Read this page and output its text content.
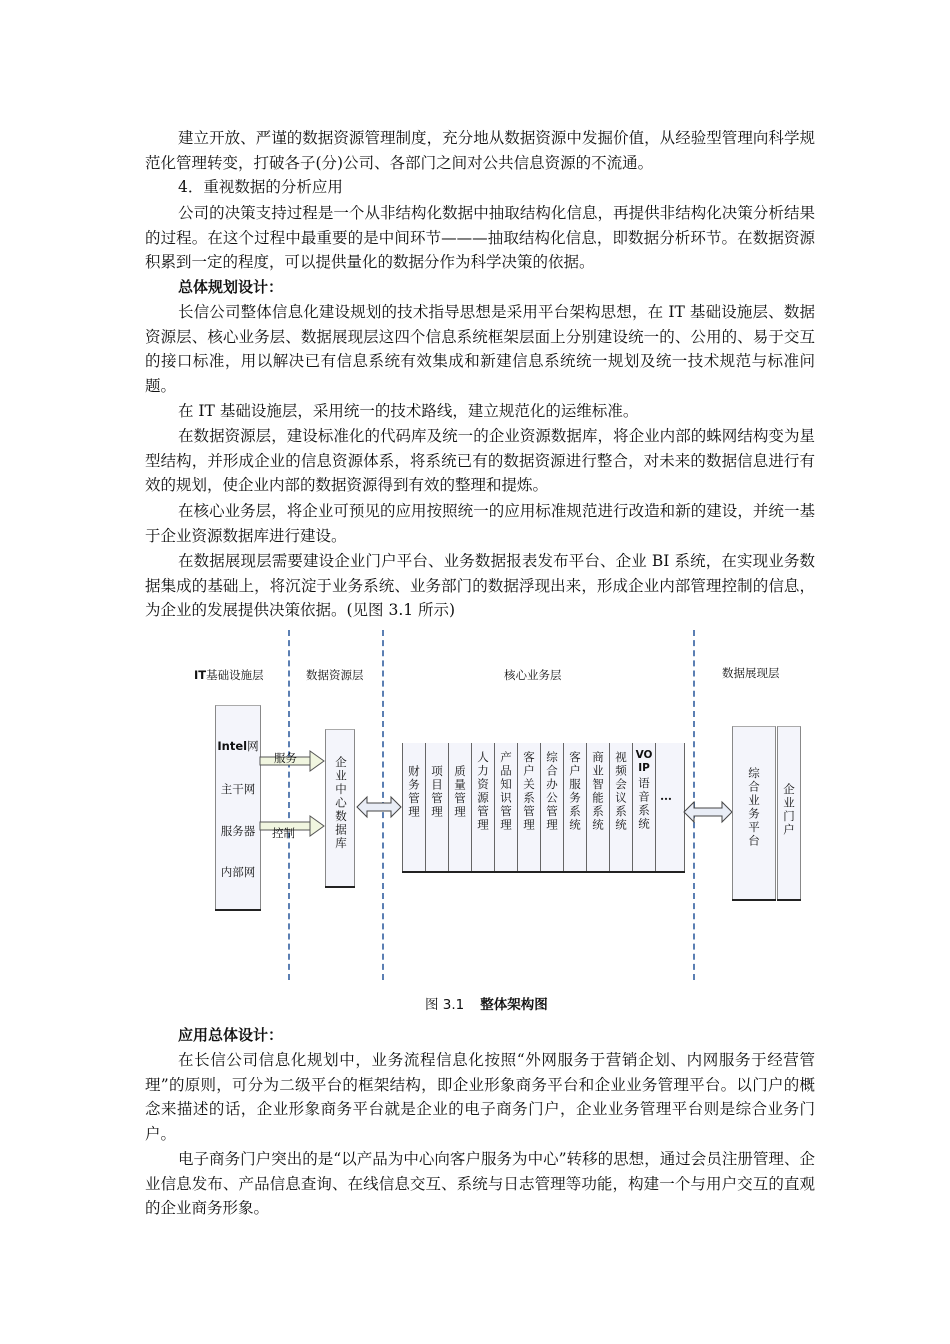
建立开放、严谨的数据资源管理制度，充分地从数据资源中发掘价值，从经验型管理向科学规范化管理转变，打破各子(分)公司、各部门之间对公共信息资源的不流通。

4．重视数据的分析应用

公司的决策支持过程是一个从非结构化数据中抽取结构化信息，再提供非结构化决策分析结果的过程。在这个过程中最重要的是中间环节———抽取结构化信息，即数据分析环节。在数据资源积累到一定的程度，可以提供量化的数据分作为科学决策的依据。

总体规划设计：

长信公司整体信息化建设规划的技术指导思想是采用平台架构思想，在 IT 基础设施层、数据资源层、核心业务层、数据展现层这四个信息系统框架层面上分别建设统一的、公用的、易于交互的接口标准，用以解决已有信息系统有效集成和新建信息系统统一规划及统一技术规范与标准问题。

在 IT 基础设施层，采用统一的技术路线，建立规范化的运维标准。

在数据资源层，建设标准化的代码库及统一的企业资源数据库，将企业内部的蛛网结构变为星型结构，并形成企业的信息资源体系，将系统已有的数据资源进行整合，对未来的数据信息进行有效的规划，使企业内部的数据资源得到有效的整理和提炼。

在核心业务层，将企业可预见的应用按照统一的应用标准规范进行改造和新的建设，并统一基于企业资源数据库进行建设。

在数据展现层需要建设企业门户平台、业务数据报表发布平台、企业 BI 系统，在实现业务数据集成的基础上，将沉淀于业务系统、业务部门的数据浮现出来，形成企业内部管理控制的信息，为企业的发展提供决策依据。(见图 3.1 所示)

IT基础设施层	数据资源层	核心业务层	数据展现层
Intel网
主干网
服务器
内部网
服务
控制	企业中心数据库	财务管理 项目管理 质量管理 人力资源管理 产品知识管理 客户关系管理 综合办公管理 客户服务系统 商业智能系统 视频会议系统 VOIP
语音系统 …	综合业务平台 企业门户
图 3.1 整体架构图

应用总体设计：

在长信公司信息化规划中，业务流程信息化按照“外网服务于营销企划、内网服务于经营管理”的原则，可分为二级平台的框架结构，即企业形象商务平台和企业业务管理平台。以门户的概念来描述的话，企业形象商务平台就是企业的电子商务门户，企业业务管理平台则是综合业务门户。

电子商务门户突出的是“以产品为中心向客户服务为中心”转移的思想，通过会员注册管理、企业信息发布、产品信息查询、在线信息交互、系统与日志管理等功能，构建一个与用户交互的直观的企业商务形象。
